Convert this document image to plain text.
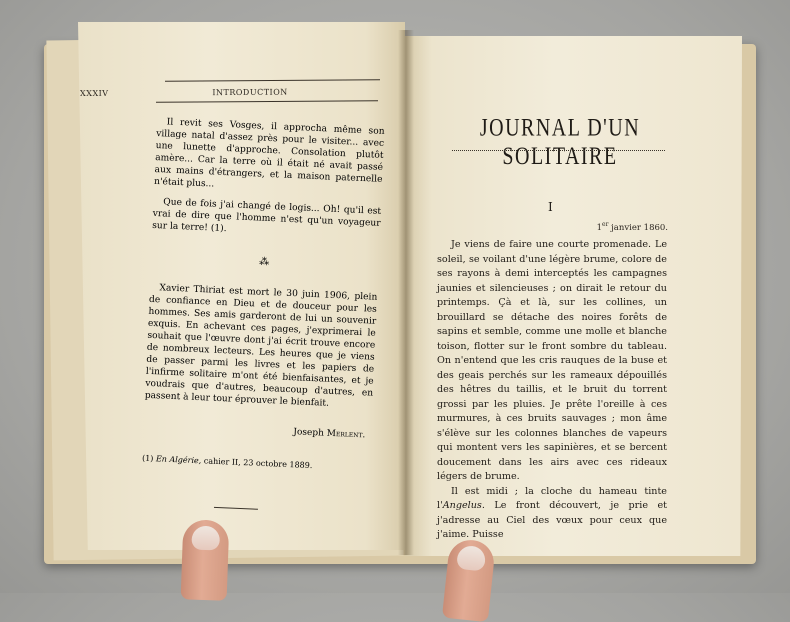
XXXIV	INTRODUCTION

Il revit ses Vosges, il approcha même son village natal d'assez près pour le visiter... avec une lunette d'approche. Consolation plutôt amère... Car la terre où il était né avait passé aux mains d'étrangers, et la maison paternelle n'était plus...

Que de fois j'ai changé de logis... Oh! qu'il est vrai de dire que l'homme n'est qu'un voyageur sur la terre! (1).

⁂

Xavier Thiriat est mort le 30 juin 1906, plein de confiance en Dieu et de douceur pour les hommes. Ses amis garderont de lui un souvenir exquis. En achevant ces pages, j'exprimerai le souhait que l'œuvre dont j'ai écrit trouve encore de nombreux lecteurs. Les heures que je viens de passer parmi les livres et les papiers de l'infirme solitaire m'ont été bienfaisantes, et je voudrais que d'autres, beaucoup d'autres, en passent à leur tour éprouver le bienfait.

Joseph Merlent.

(1) En Algérie, cahier II, 23 octobre 1889.

JOURNAL D'UN SOLITAIRE
I
1er janvier 1860.

Je viens de faire une courte promenade. Le soleil, se voilant d'une légère brume, colore de ses rayons à demi interceptés les campagnes jaunies et silencieuses ; on dirait le retour du printemps. Çà et là, sur les collines, un brouillard se détache des noires forêts de sapins et semble, comme une molle et blanche toison, flotter sur le front sombre du tableau. On n'entend que les cris rauques de la buse et des geais perchés sur les rameaux dépouillés des hêtres du taillis, et le bruit du torrent grossi par les pluies. Je prête l'oreille à ces murmures, à ces bruits sauvages ; mon âme s'élève sur les colonnes blanches de vapeurs qui montent vers les sapinières, et se bercent doucement dans les airs avec ces rideaux légers de brume.

Il est midi ; la cloche du hameau tinte l'Angelus. Le front découvert, je prie et j'adresse au Ciel des vœux pour ceux que j'aime. Puisse
